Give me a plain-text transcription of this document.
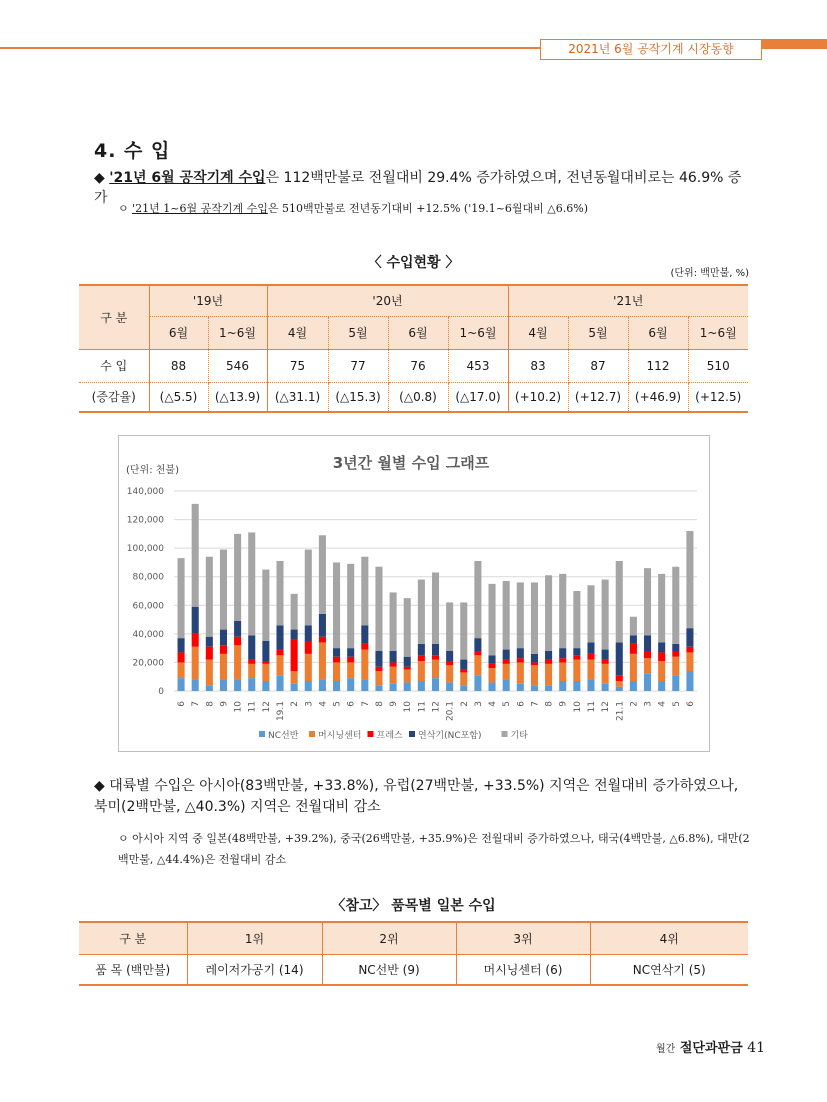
2021년 6월 공작기계 시장동향
4. 수 입
◆ '21년 6월 공작기계 수입은 112백만불로 전월대비 29.4% 증가하였으며, 전년동월대비로는 46.9% 증가
ㅇ '21년 1~6월 공작기계 수입은 510백만불로 전년동기대비 +12.5% ('19.1~6월대비 △6.6%)
〈 수입현황 〉
(단위: 백만불, %)
구 분	'19년		'20년				'21년			
	6월	1~6월	4월	5월	6월	1~6월	4월	5월	6월	1~6월
수 입	88	546	75	77	76	453	83	87	112	510
(증감율)	(△5.5)	(△13.9)	(△31.1)	(△15.3)	(△0.8)	(△17.0)	(+10.2)	(+12.7)	(+46.9)	(+12.5)
3년간 월별 수입 그래프
(단위: 천불)
0
20,000
40,000
60,000
80,000
100,000
120,000
140,000
6 7 8 9 10 11 12 19.1 2 3 4 5 6 7 8 9 10 11 12 20.1 2 3 4 5 6 7 8 9 10 11 12 21.1 2 3 4 5 6
NC선반 머시닝센터 프레스 연삭기(NC포함)	기타
◆ 대륙별 수입은 아시아(83백만불, +33.8%), 유럽(27백만불, +33.5%) 지역은 전월대비 증가하였으나, 북미(2백만불, △40.3%) 지역은 전월대비 감소
ㅇ 아시아 지역 중 일본(48백만불, +39.2%), 중국(26백만불, +35.9%)은 전월대비 증가하였으나, 태국(4백만불, △6.8%), 대만(2백만불, △44.4%)은 전월대비 감소
〈참고〉 품목별 일본 수입
구 분	1위	2위	3위	4위
품 목 (백만불)	레이저가공기 (14)	NC선반 (9)	머시닝센터 (6)	NC연삭기 (5)
월간 절단과판금 41
